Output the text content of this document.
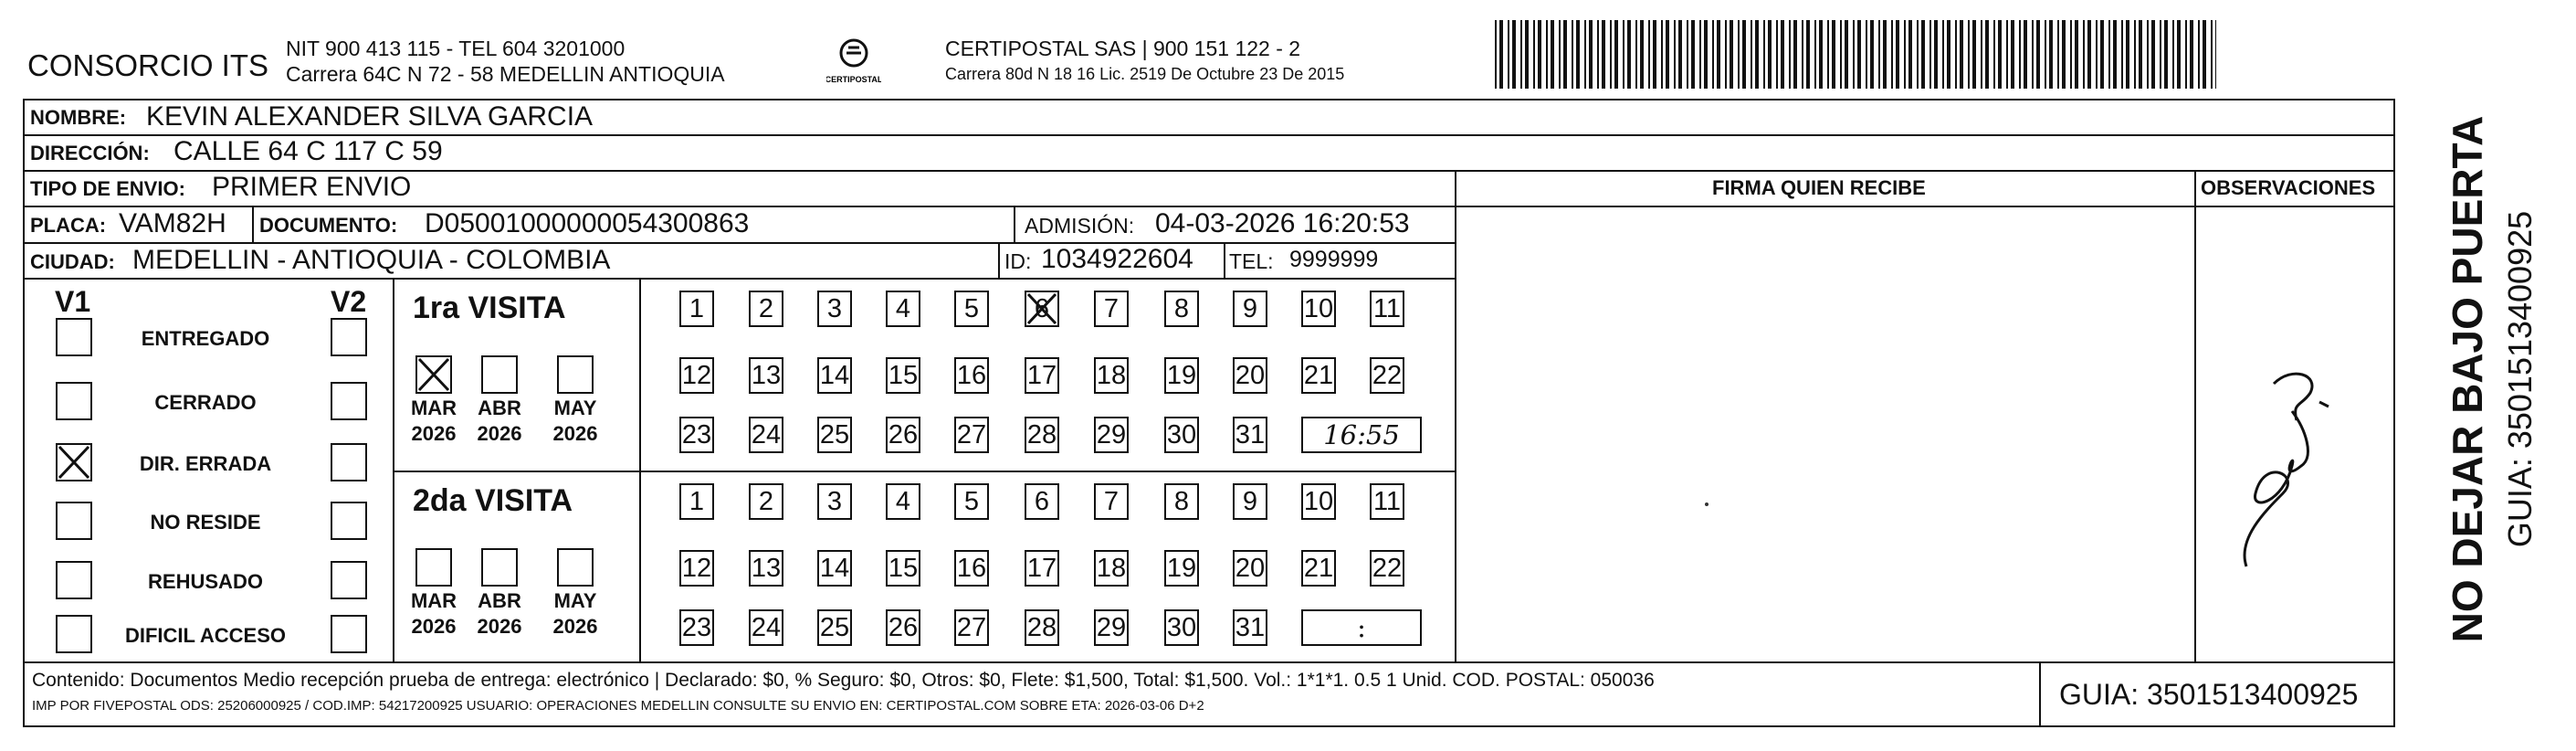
CONSORCIO ITS NIT 900 413 115 - TEL 604 3201000
Carrera 64C N 72 - 58 MEDELLIN ANTIOQUIA	CERTIPOSTAL
CERTIPOSTAL SAS | 900 151 122 - 2
Carrera 80d N 18 16 Lic. 2519 De Octubre 23 De 2015
NOMBRE: KEVIN ALEXANDER SILVA GARCIA
DIRECCIÓN: CALLE 64 C 117 C 59
TIPO DE ENVIO: PRIMER ENVIO	FIRMA QUIEN RECIBE	OBSERVACIONES
PLACA: VAM82H DOCUMENTO: D05001000000054300863	ADMISIÓN: 04-03-2026 16:20:53
CIUDAD: MEDELLIN - ANTIOQUIA - COLOMBIA	ID: 1034922604 TEL: 9999999
V1	V2
ENTREGADO
CERRADO
DIR. ERRADA
NO RESIDE
REHUSADO
DIFICIL ACCESO
1ra VISITA
MAR
2026
ABR
2026
MAY
2026
1	2	3	4	5	6	7	8	9	10 11
12 13 14 15 16 17 18 19 20 21 22
23 24 25 26 27 28 29 30 31	16:55
2da VISITA
MAR
2026
ABR
2026
MAY
2026
1	2	3	4	5	6	7	8	9	10 11
12 13 14 15 16 17 18 19 20 21 22
23 24 25 26 27 28 29 30 31	:	NO DEJAR BAJO PUERTA GUIA: 3501513400925
Contenido: Documentos Medio recepción prueba de entrega: electrónico | Declarado: $0, % Seguro: $0, Otros: $0, Flete: $1,500, Total: $1,500. Vol.: 1*1*1. 0.5 1 Unid. COD. POSTAL: 050036
IMP POR FIVEPOSTAL ODS: 25206000925 / COD.IMP: 54217200925 USUARIO: OPERACIONES MEDELLIN CONSULTE SU ENVIO EN: CERTIPOSTAL.COM SOBRE ETA: 2026-03-06 D+2	GUIA: 3501513400925
